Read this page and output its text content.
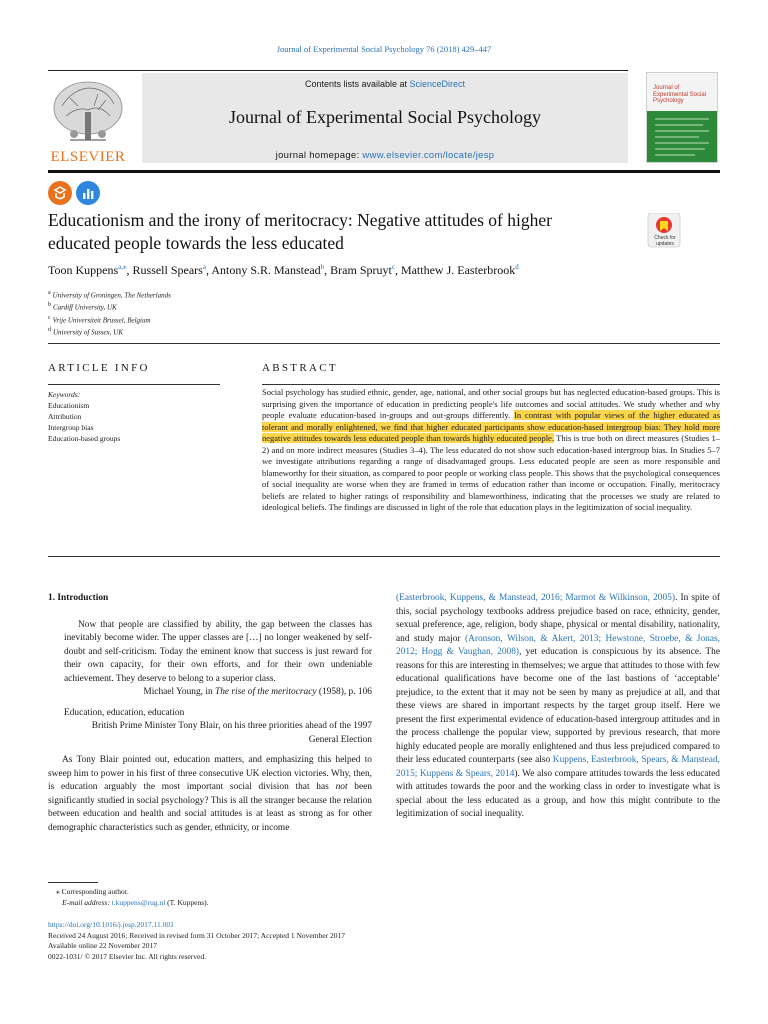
Journal of Experimental Social Psychology 76 (2018) 429–447
Contents lists available at ScienceDirect
Journal of Experimental Social Psychology
journal homepage: www.elsevier.com/locate/jesp
ELSEVIER
Journal of Experimental Social Psychology
Educationism and the irony of meritocracy: Negative attitudes of higher educated people towards the less educated	Check for updates
Toon Kuppens$^{a,⁎}$, Russell Spears$^a$, Antony S.R. Manstead$^b$, Bram Spruyt$^c$, Matthew J. Easterbrook$^d$
a University of Groningen, The Netherlands
b Cardiff University, UK
c Vrije Universiteit Brussel, Belgium
d University of Sussex, UK
ARTICLE INFO	ABSTRACT
Keywords:
Educationism
Attribution
Intergroup bias
Education-based groups
Social psychology has studied ethnic, gender, age, national, and other social groups but has neglected education-based groups. This is surprising given the importance of education in predicting people's life outcomes and social attitudes. We study whether and why people evaluate education-based in-groups and out-groups differently. In contrast with popular views of the higher educated as tolerant and morally enlightened, we find that higher educated participants show education-based intergroup bias: They hold more negative attitudes towards less educated people than towards highly educated people. This is true both on direct measures (Studies 1–2) and on more indirect measures (Studies 3–4). The less educated do not show such education-based intergroup bias. In Studies 5–7 we investigate attributions regarding a range of disadvantaged groups. Less educated people are seen as more responsible and blameworthy for their situation, as compared to poor people or working class people. This shows that the psychological consequences of social inequality are worse when they are framed in terms of education rather than income or occupation. Finally, meritocracy beliefs are related to higher ratings of responsibility and blameworthiness, indicating that the processes we study are related to ideological beliefs. The findings are discussed in light of the role that education plays in the legitimization of social inequality.
1. Introduction

Now that people are classified by ability, the gap between the classes has inevitably become wider. The upper classes are […] no longer weakened by self-doubt and self-criticism. Today the eminent know that success is just reward for their own capacity, for their own efforts, and for their own undeniable achievement. They deserve to belong to a superior class.

Michael Young, in The rise of the meritocracy (1958), p. 106

Education, education, education

British Prime Minister Tony Blair, on his three priorities ahead of the 1997 General Election

As Tony Blair pointed out, education matters, and emphasizing this helped to sweep him to power in his first of three consecutive UK election victories. Why, then, is education arguably the most important social division that has not been significantly studied in social psychology? This is all the stranger because the relation between education and health and social attitudes is at least as strong as for other demographic characteristics such as gender, ethnicity, or income

(Easterbrook, Kuppens, & Manstead, 2016; Marmot & Wilkinson, 2005). In spite of this, social psychology textbooks address prejudice based on race, ethnicity, gender, sexual preference, age, religion, body shape, physical or mental disability, nationality, and study major (Aronson, Wilson, & Akert, 2013; Hewstone, Stroebe, & Jonas, 2012; Hogg & Vaughan, 2008), yet education is conspicuous by its absence. The reasons for this are interesting in themselves; we argue that attitudes to those with few educational qualifications have become one of the last bastions of ‘acceptable’ prejudice, to the extent that it may not be seen by many as prejudice at all, and that these views are shared in important respects by the target group itself. Here we present the first experimental evidence of education-based intergroup attitudes and in the process challenge the popular view, supported by previous research, that more highly educated people are morally enlightened and thus less prejudiced compared to their less educated counterparts (see also Kuppens, Easterbrook, Spears, & Manstead, 2015; Kuppens & Spears, 2014). We also compare attitudes towards the less educated with attitudes towards the poor and the working class in order to investigate what is special about the less educated as a group, and how this might contribute to the legitimization of social inequality.

⁎ Corresponding author.
E-mail address: t.kuppens@rug.nl (T. Kuppens).
https://doi.org/10.1016/j.jesp.2017.11.001
Received 24 August 2016; Received in revised form 31 October 2017; Accepted 1 November 2017
Available online 22 November 2017
0022-1031/ © 2017 Elsevier Inc. All rights reserved.
